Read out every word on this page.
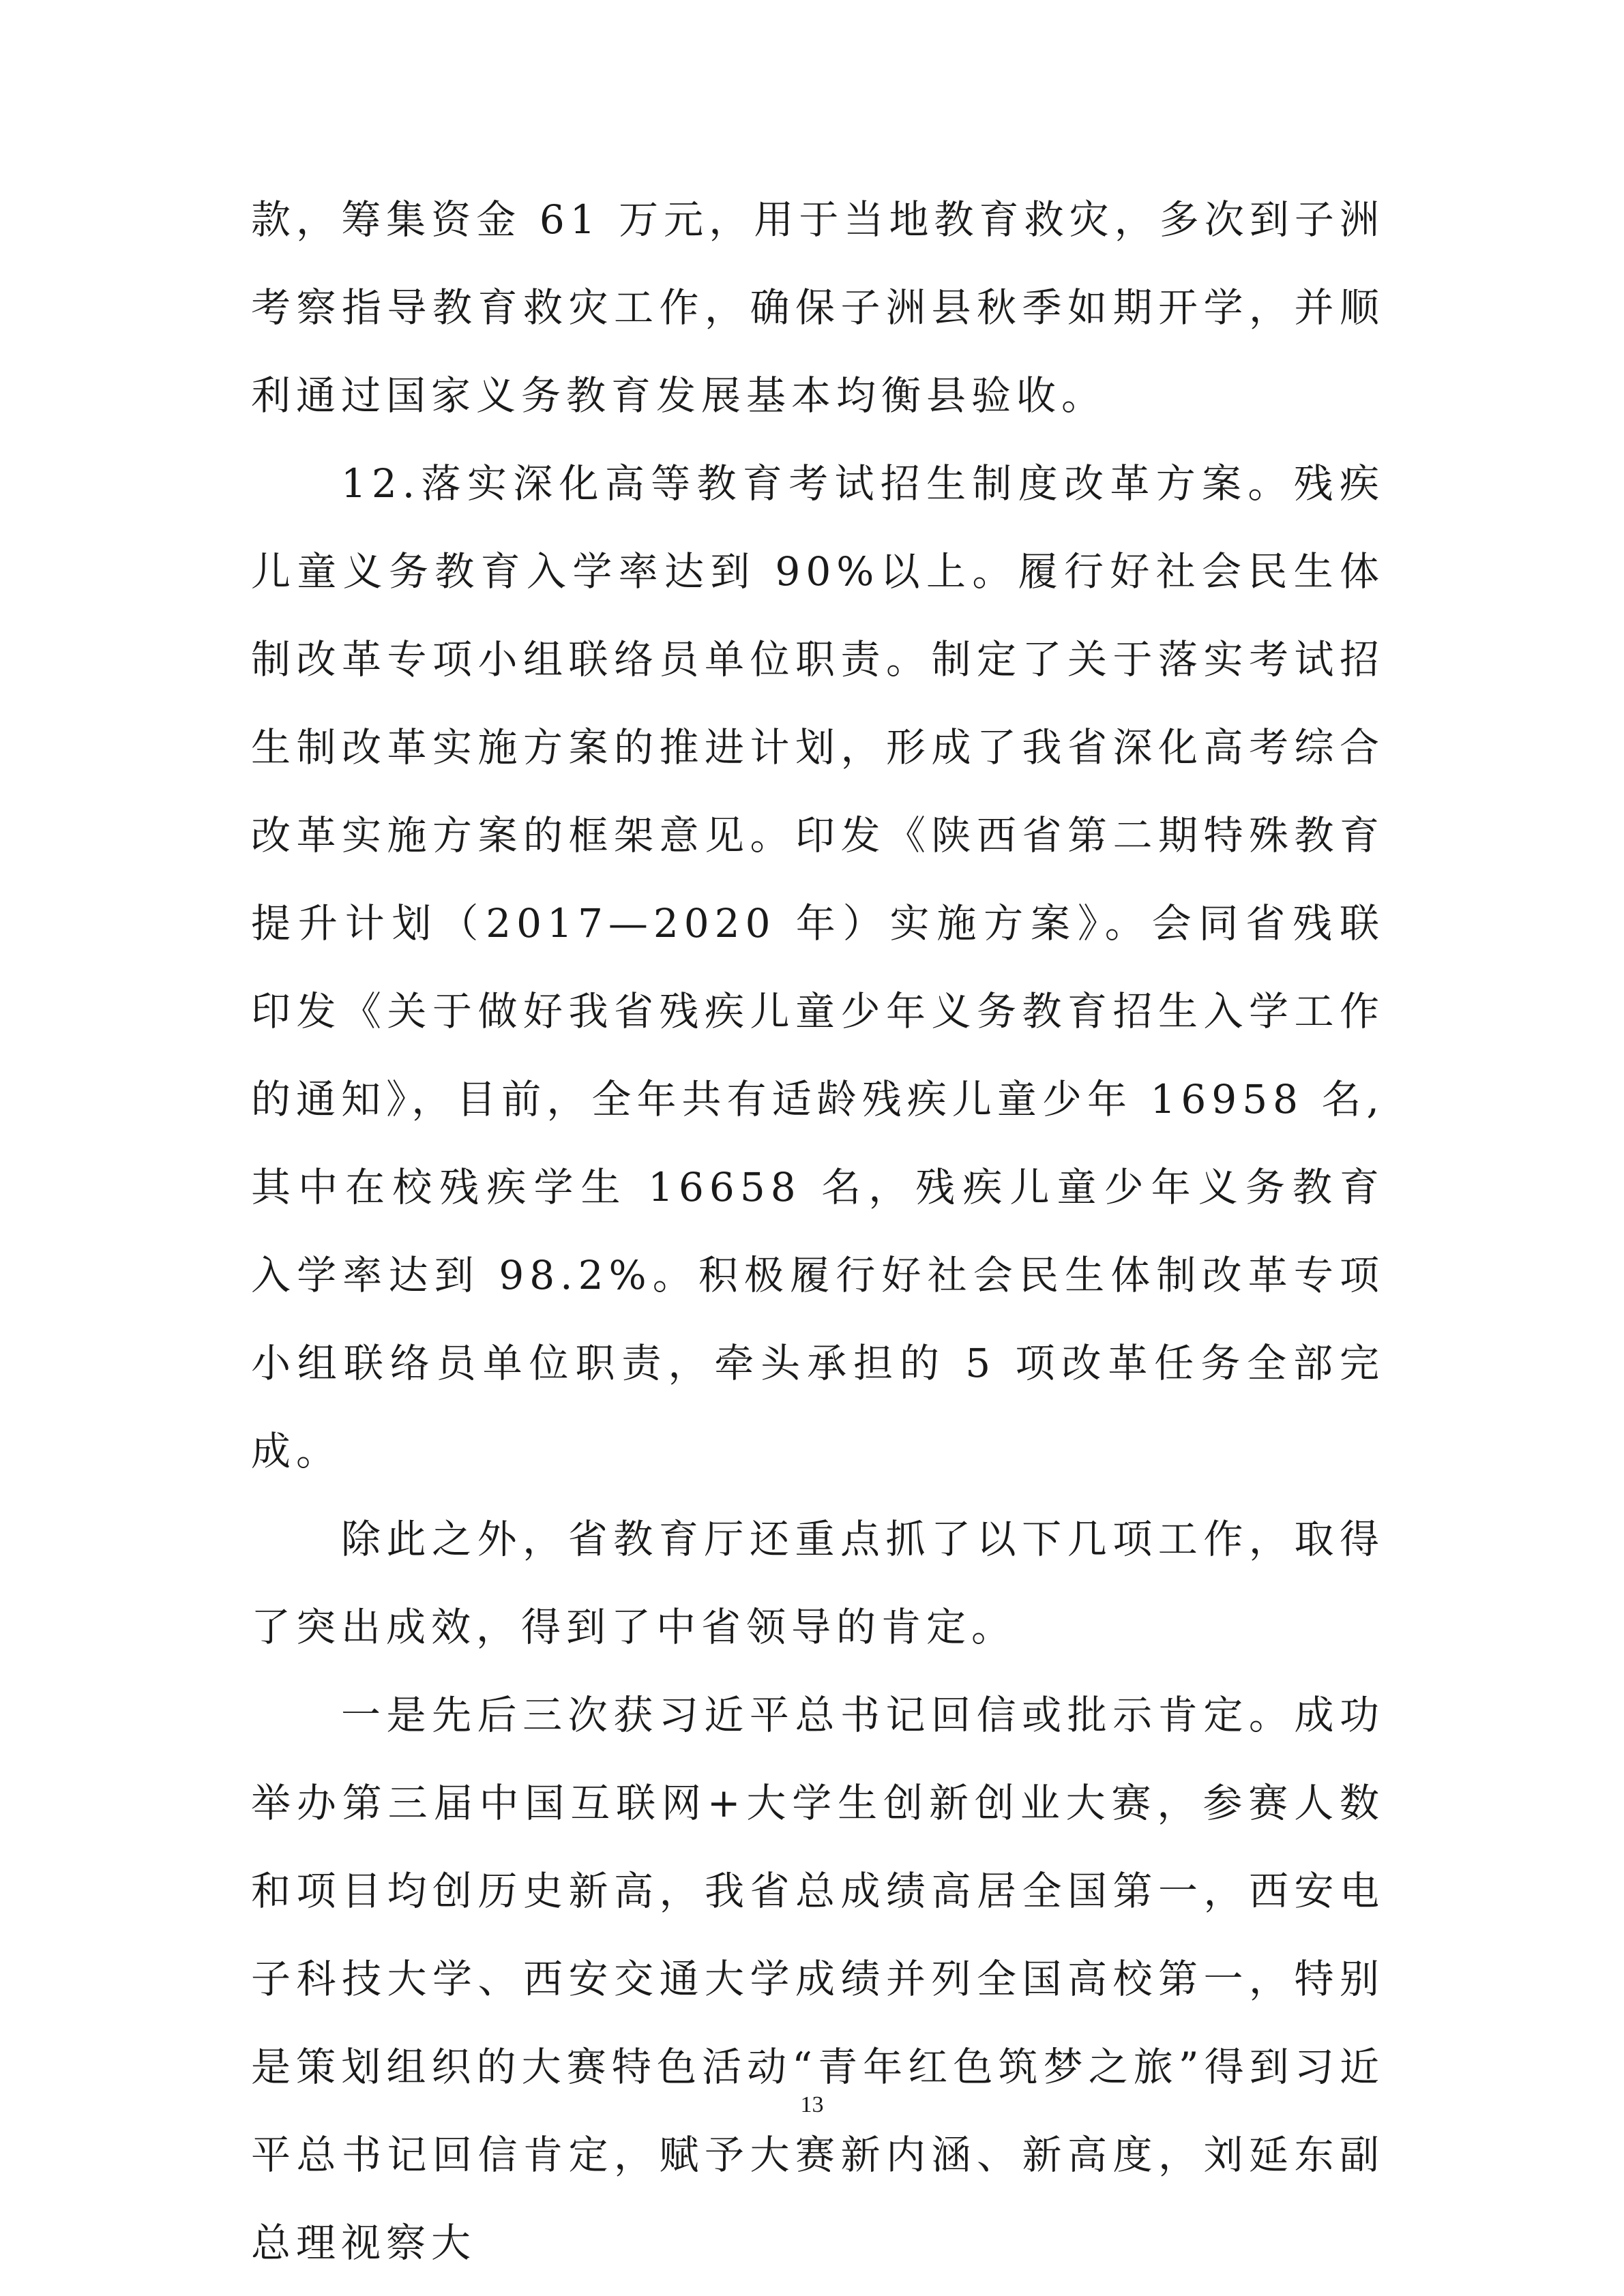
款，筹集资金 61 万元，用于当地教育救灾，多次到子洲考察指导教育救灾工作，确保子洲县秋季如期开学，并顺利通过国家义务教育发展基本均衡县验收。

12.落实深化高等教育考试招生制度改革方案。残疾儿童义务教育入学率达到 90%以上。履行好社会民生体制改革专项小组联络员单位职责。制定了关于落实考试招生制改革实施方案的推进计划，形成了我省深化高考综合改革实施方案的框架意见。印发《陕西省第二期特殊教育提升计划（2017—2020 年）实施方案》。会同省残联印发《关于做好我省残疾儿童少年义务教育招生入学工作的通知》，目前，全年共有适龄残疾儿童少年 16958 名,其中在校残疾学生 16658 名，残疾儿童少年义务教育入学率达到 98.2%。积极履行好社会民生体制改革专项小组联络员单位职责，牵头承担的 5 项改革任务全部完成。

除此之外，省教育厅还重点抓了以下几项工作，取得了突出成效，得到了中省领导的肯定。

一是先后三次获习近平总书记回信或批示肯定。成功举办第三届中国互联网+大学生创新创业大赛，参赛人数和项目均创历史新高，我省总成绩高居全国第一，西安电子科技大学、西安交通大学成绩并列全国高校第一，特别是策划组织的大赛特色活动“青年红色筑梦之旅”得到习近平总书记回信肯定，赋予大赛新内涵、新高度，刘延东副总理视察大

13
